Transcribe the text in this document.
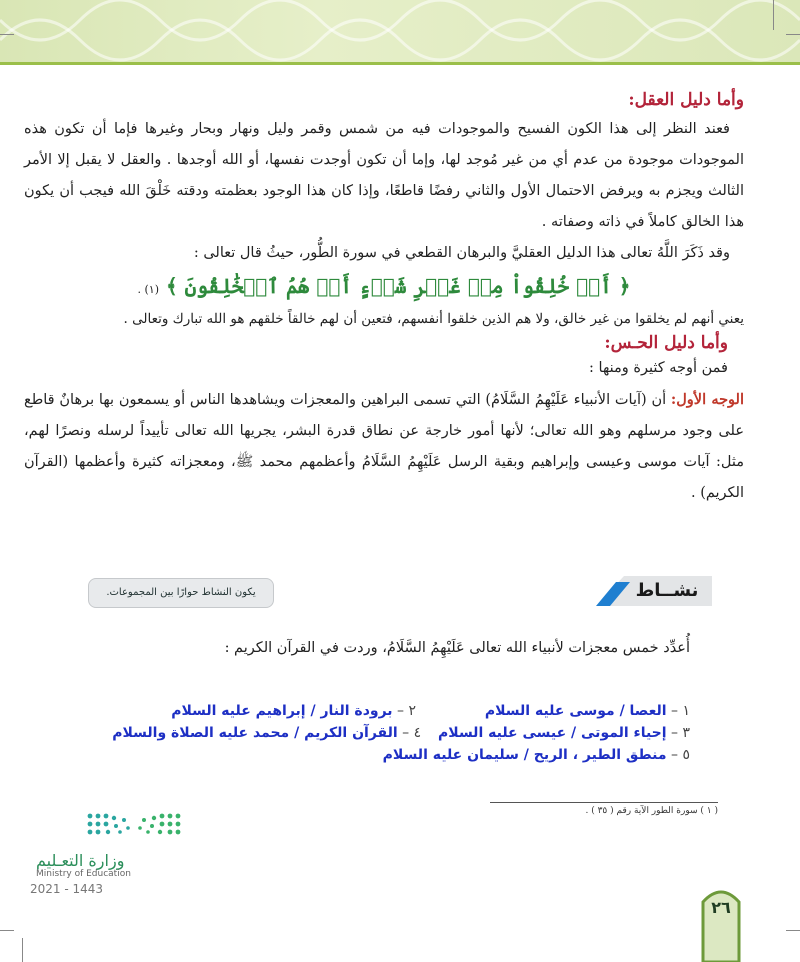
وأما دليل العقل:

فعند النظر إلى هذا الكون الفسيح والموجودات فيه من شمس وقمر وليل ونهار وبحار وغيرها فإما أن تكون هذه الموجودات موجودة من عدم أي من غير مُوجد لها، وإما أن تكون أوجدت نفسها، أو الله أوجدها . والعقل لا يقبل إلا الأمر الثالث ويجزم به ويرفض الاحتمال الأول والثاني رفضًا قاطعًا، وإذا كان هذا الوجود بعظمته ودقته خَلْقَ الله فيجب أن يكون هذا الخالق كاملاً في ذاته وصفاته .

وقد ذَكَرَ اللَّهُ تعالى هذا الدليل العقليَّ والبرهان القطعي في سورة الطُّور، حيثُ قال تعالى :

﴿ أَمۡ خُلِقُواْ مِنۡ غَيۡرِ شَيۡءٍ أَمۡ هُمُ ٱلۡخَٰلِقُونَ ﴾ (١) .

يعني أنهم لم يخلقوا من غير خالق، ولا هم الذين خلقوا أنفسهم، فتعين أن لهم خالقاً خلقهم هو الله تبارك وتعالى .

وأما دليل الحـس:

فمن أوجه كثيرة ومنها :

الوجه الأول: أن (آيات الأنبياء عَلَيْهِمُ السَّلَامُ) التي تسمى البراهين والمعجزات ويشاهدها الناس أو يسمعون بها برهانٌ قاطع على وجود مرسلهم وهو الله تعالى؛ لأنها أمور خارجة عن نطاق قدرة البشر، يجريها الله تعالى تأييداً لرسله ونصرًا لهم، مثل: آيات موسى وعيسى وإبراهيم وبقية الرسل عَلَيْهِمُ السَّلَامُ وأعظمهم محمد ﷺ، ومعجزاته كثيرة وأعظمها (القرآن الكريم) .

يكون النشاط حوارًا بين المجموعات.	نشــاط
أُعدِّد خمس معجزات لأنبياء الله تعالى عَلَيْهِمُ السَّلَامُ، وردت في القرآن الكريم :
١ – العصا / موسى عليه السلام  ٢ – برودة النار / إبراهيم عليه السلام
٣ – إحياء الموتى / عيسى عليه السلام  ٤ – القرآن الكريم / محمد عليه الصلاة والسلام
٥ – منطق الطير ، الريح / سليمان عليه السلام
( ١ ) سورة الطور الآية رقم ( ٣٥ ) .
وزارة التعـليم
Ministry of Education
2021 - 1443
٢٦
